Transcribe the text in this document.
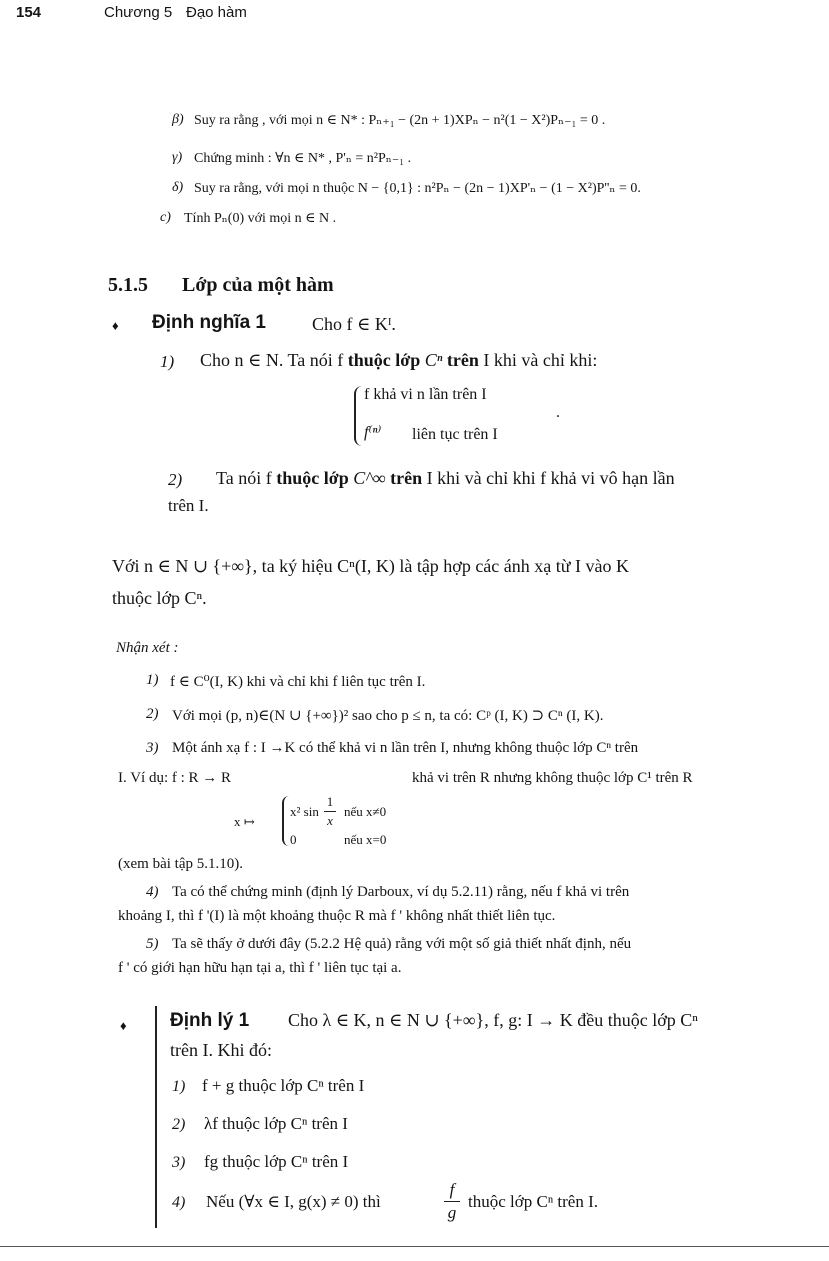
154	Chương 5 Đạo hàm
β) Suy ra rằng , với mọi n ∈ N* : Pₙ₊₁ − (2n + 1)XPₙ − n²(1 − X²)Pₙ₋₁ = 0 .
γ) Chứng minh : ∀n ∈ N* , P'ₙ = n²Pₙ₋₁ .
δ) Suy ra rằng, với mọi n thuộc N − {0,1} : n²Pₙ − (2n − 1)XP'ₙ − (1 − X²)P''ₙ = 0.
c) Tính Pₙ(0) với mọi n ∈ N .
5.1.5 Lớp của một hàm
♦ Định nghĩa 1	Cho f ∈ Kᴵ.
1) Cho n ∈ N. Ta nói f thuộc lớp Cⁿ trên I khi và chỉ khi:
f khả vi n lần trên I
f⁽ⁿ⁾ liên tục trên I
.
2) Ta nói f thuộc lớp C^∞ trên I khi và chỉ khi f khả vi vô hạn lần
trên I.
Với n ∈ N ∪ {+∞}, ta ký hiệu Cⁿ(I, K) là tập hợp các ánh xạ từ I vào K
thuộc lớp Cⁿ.
Nhận xét :
1) f ∈ C⁰(I, K) khi và chỉ khi f liên tục trên I.
2) Với mọi (p, n)∈(N ∪ {+∞})² sao cho p ≤ n, ta có: Cᵖ (I, K) ⊃ Cⁿ (I, K).
3) Một ánh xạ f : I →K có thể khả vi n lần trên I, nhưng không thuộc lớp Cⁿ trên
I. Ví dụ: f : R → R	khả vi trên R nhưng không thuộc lớp C¹ trên R
x ↦
x² sin
1
x
nếu x≠0
0	nếu x=0
(xem bài tập 5.1.10).
4) Ta có thể chứng minh (định lý Darboux, ví dụ 5.2.11) rằng, nếu f khả vi trên
khoảng I, thì f '(I) là một khoảng thuộc R mà f ' không nhất thiết liên tục.
5) Ta sẽ thấy ở dưới đây (5.2.2 Hệ quả) rằng với một số giả thiết nhất định, nếu
f ' có giới hạn hữu hạn tại a, thì f ' liên tục tại a.
♦ Định lý 1 Cho λ ∈ K, n ∈ N ∪ {+∞}, f, g: I → K đều thuộc lớp Cⁿ
trên I. Khi đó:
1) f + g thuộc lớp Cⁿ trên I
2) λf thuộc lớp Cⁿ trên I
3) fg thuộc lớp Cⁿ trên I
4) Nếu (∀x ∈ I, g(x) ≠ 0) thì
f
g
thuộc lớp Cⁿ trên I.
